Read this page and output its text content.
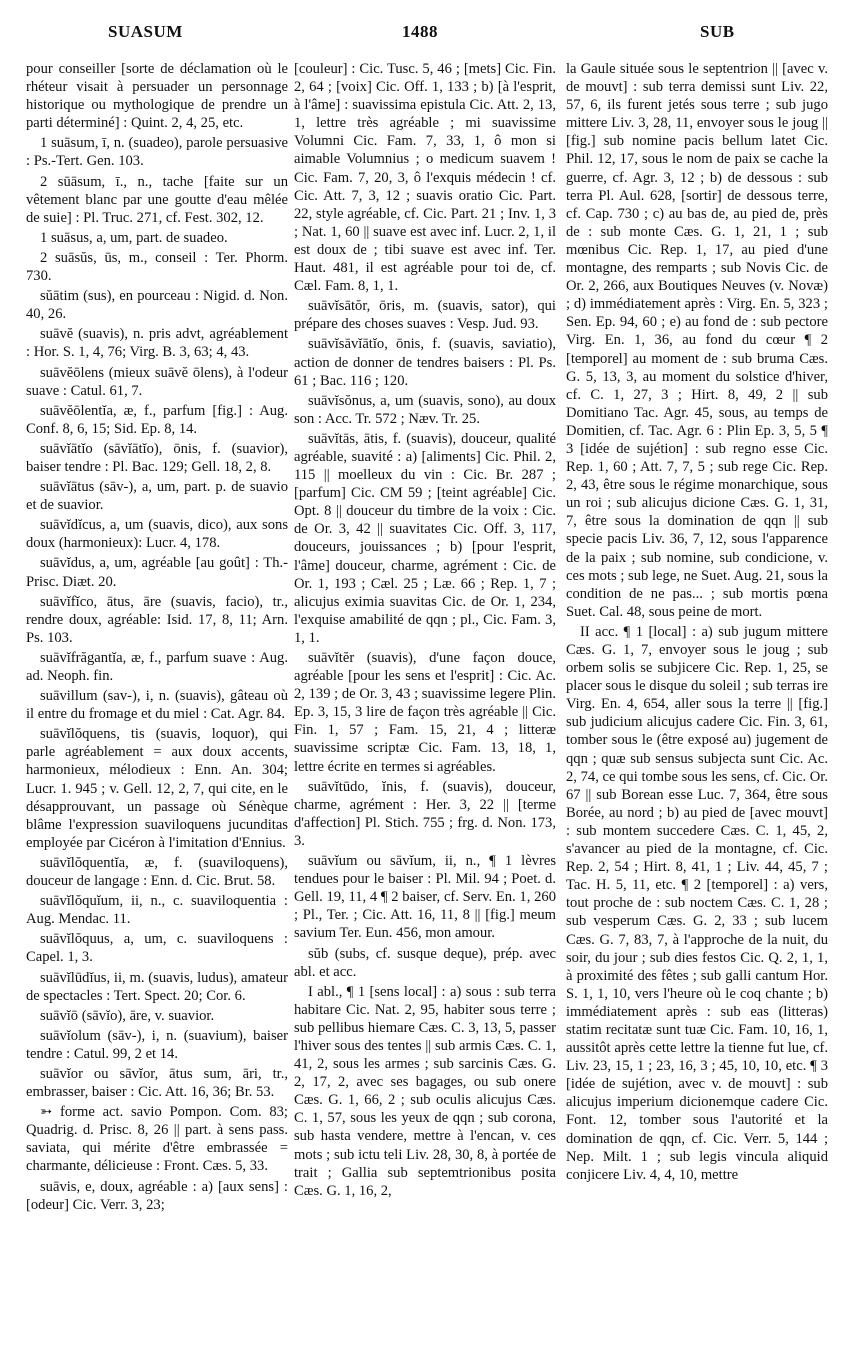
SUASUM	1488	SUB

pour conseiller [sorte de déclamation où le rhéteur visait à persuader un personnage historique ou mythologique de prendre un parti déterminé] : Quint. 2, 4, 25, etc.

1 suāsum, ī, n. (suadeo), parole persuasive : Ps.-Tert. Gen. 103.

2 sūāsum, ī., n., tache [faite sur un vêtement blanc par une goutte d'eau mêlée de suie] : Pl. Truc. 271, cf. Fest. 302, 12.

1 suāsus, a, um, part. de suadeo.

2 suāsŭs, ūs, m., conseil : Ter. Phorm. 730.

sŭātim (sus), en pourceau : Nigid. d. Non. 40, 26.

suāvĕ (suavis), n. pris advt, agréablement : Hor. S. 1, 4, 76; Virg. B. 3, 63; 4, 43.

suāvĕōlens (mieux suāvĕ ōlens), à l'odeur suave : Catul. 61, 7.

suāvĕōlentĭa, æ, f., parfum [fig.] : Aug. Conf. 8, 6, 15; Sid. Ep. 8, 14.

suāvĭātĭo (sāvĭātĭo), ōnis, f. (suavior), baiser tendre : Pl. Bac. 129; Gell. 18, 2, 8.

suāvĭātus (sāv-), a, um, part. p. de suavio et de suavior.

suāvĭdĭcus, a, um (suavis, dico), aux sons doux (harmonieux): Lucr. 4, 178.

suāvĭdus, a, um, agréable [au goût] : Th.-Prisc. Diæt. 20.

suāvĭfĭco, ātus, āre (suavis, facio), tr., rendre doux, agréable: Isid. 17, 8, 11; Arn. Ps. 103.

suāvĭfrăgantĭa, æ, f., parfum suave : Aug. ad. Neoph. fin.

suāvillum (sav-), i, n. (suavis), gâteau où il entre du fromage et du miel : Cat. Agr. 84.

suāvĭlŏquens, tis (suavis, loquor), qui parle agréablement = aux doux accents, harmonieux, mélodieux : Enn. An. 304; Lucr. 1. 945 ; v. Gell. 12, 2, 7, qui cite, en le désapprouvant, un passage où Sénèque blâme l'expression suaviloquens jucunditas employée par Cicéron à l'imitation d'Ennius.

suāvĭlŏquentĭa, æ, f. (suaviloquens), douceur de langage : Enn. d. Cic. Brut. 58.

suāvĭlŏquĭum, ii, n., c. suaviloquentia : Aug. Mendac. 11.

suāvĭlŏquus, a, um, c. suaviloquens : Capel. 1, 3.

suāvĭlūdĭus, ii, m. (suavis, ludus), amateur de spectacles : Tert. Spect. 20; Cor. 6.

suāvĭō (sāvĭo), āre, v. suavior.

suāvĭolum (sāv-), i, n. (suavium), baiser tendre : Catul. 99, 2 et 14.

suāvĭor ou sāvĭor, ātus sum, āri, tr., embrasser, baiser : Cic. Att. 16, 36; Br. 53.

➳ forme act. savio Pompon. Com. 83; Quadrig. d. Prisc. 8, 26 || part. à sens pass. saviata, qui mérite d'être embrassée = charmante, délicieuse : Front. Cæs. 5, 33.

suāvis, e, doux, agréable : a) [aux sens] : [odeur] Cic. Verr. 3, 23;

[couleur] : Cic. Tusc. 5, 46 ; [mets] Cic. Fin. 2, 64 ; [voix] Cic. Off. 1, 133 ; b) [à l'esprit, à l'âme] : suavissima epistula Cic. Att. 2, 13, 1, lettre très agréable ; mi suavissime Volumni Cic. Fam. 7, 33, 1, ô mon si aimable Volumnius ; o medicum suavem ! Cic. Fam. 7, 20, 3, ô l'exquis médecin ! cf. Cic. Att. 7, 3, 12 ; suavis oratio Cic. Part. 22, style agréable, cf. Cic. Part. 21 ; Inv. 1, 3 ; Nat. 1, 60 || suave est avec inf. Lucr. 2, 1, il est doux de ; tibi suave est avec inf. Ter. Haut. 481, il est agréable pour toi de, cf. Cæl. Fam. 8, 1, 1.

suāvĭsātŏr, ōris, m. (suavis, sator), qui prépare des choses suaves : Vesp. Jud. 93.

suāvĭsāvĭātĭo, ōnis, f. (suavis, saviatio), action de donner de tendres baisers : Pl. Ps. 61 ; Bac. 116 ; 120.

suāvĭsŏnus, a, um (suavis, sono), au doux son : Acc. Tr. 572 ; Næv. Tr. 25.

suāvĭtās, ātis, f. (suavis), douceur, qualité agréable, suavité : a) [aliments] Cic. Phil. 2, 115 || moelleux du vin : Cic. Br. 287 ; [parfum] Cic. CM 59 ; [teint agréable] Cic. Opt. 8 || douceur du timbre de la voix : Cic. de Or. 3, 42 || suavitates Cic. Off. 3, 117, douceurs, jouissances ; b) [pour l'esprit, l'âme] douceur, charme, agrément : Cic. de Or. 1, 193 ; Cæl. 25 ; Læ. 66 ; Rep. 1, 7 ; alicujus eximia suavitas Cic. de Or. 1, 234, l'exquise amabilité de qqn ; pl., Cic. Fam. 3, 1, 1.

suāvĭtĕr (suavis), d'une façon douce, agréable [pour les sens et l'esprit] : Cic. Ac. 2, 139 ; de Or. 3, 43 ; suavissime legere Plin. Ep. 3, 15, 3 lire de façon très agréable || Cic. Fin. 1, 57 ; Fam. 15, 21, 4 ; litteræ suavissime scriptæ Cic. Fam. 13, 18, 1, lettre écrite en termes si agréables.

suāvĭtūdo, ĭnis, f. (suavis), douceur, charme, agrément : Her. 3, 22 || [terme d'affection] Pl. Stich. 755 ; frg. d. Non. 173, 3.

suāvĭum ou sāvĭum, ii, n., ¶ 1 lèvres tendues pour le baiser : Pl. Mil. 94 ; Poet. d. Gell. 19, 11, 4 ¶ 2 baiser, cf. Serv. En. 1, 260 ; Pl., Ter. ; Cic. Att. 16, 11, 8 || [fig.] meum savium Ter. Eun. 456, mon amour.

sŭb (subs, cf. susque deque), prép. avec abl. et acc.

I abl., ¶ 1 [sens local] : a) sous : sub terra habitare Cic. Nat. 2, 95, habiter sous terre ; sub pellibus hiemare Cæs. C. 3, 13, 5, passer l'hiver sous des tentes || sub armis Cæs. C. 1, 41, 2, sous les armes ; sub sarcinis Cæs. G. 2, 17, 2, avec ses bagages, ou sub onere Cæs. G. 1, 66, 2 ; sub oculis alicujus Cæs. C. 1, 57, sous les yeux de qqn ; sub corona, sub hasta vendere, mettre à l'encan, v. ces mots ; sub ictu teli Liv. 28, 30, 8, à portée de trait ; Gallia sub septemtrionibus posita Cæs. G. 1, 16, 2,

la Gaule située sous le septentrion || [avec v. de mouvt] : sub terra demissi sunt Liv. 22, 57, 6, ils furent jetés sous terre ; sub jugo mittere Liv. 3, 28, 11, envoyer sous le joug || [fig.] sub nomine pacis bellum latet Cic. Phil. 12, 17, sous le nom de paix se cache la guerre, cf. Agr. 3, 12 ; b) de dessous : sub terra Pl. Aul. 628, [sortir] de dessous terre, cf. Cap. 730 ; c) au bas de, au pied de, près de : sub monte Cæs. G. 1, 21, 1 ; sub mœnibus Cic. Rep. 1, 17, au pied d'une montagne, des remparts ; sub Novis Cic. de Or. 2, 266, aux Boutiques Neuves (v. Novæ) ; d) immédiatement après : Virg. En. 5, 323 ; Sen. Ep. 94, 60 ; e) au fond de : sub pectore Virg. En. 1, 36, au fond du cœur ¶ 2 [temporel] au moment de : sub bruma Cæs. G. 5, 13, 3, au moment du solstice d'hiver, cf. C. 1, 27, 3 ; Hirt. 8, 49, 2 || sub Domitiano Tac. Agr. 45, sous, au temps de Domitien, cf. Tac. Agr. 6 : Plin Ep. 3, 5, 5 ¶ 3 [idée de sujétion] : sub regno esse Cic. Rep. 1, 60 ; Att. 7, 7, 5 ; sub rege Cic. Rep. 2, 43, être sous le régime monarchique, sous un roi ; sub alicujus dicione Cæs. G. 1, 31, 7, être sous la domination de qqn || sub specie pacis Liv. 36, 7, 12, sous l'apparence de la paix ; sub nomine, sub condicione, v. ces mots ; sub lege, ne Suet. Aug. 21, sous la condition de ne pas... ; sub mortis pœna Suet. Cal. 48, sous peine de mort.

II acc. ¶ 1 [local] : a) sub jugum mittere Cæs. G. 1, 7, envoyer sous le joug ; sub orbem solis se subjicere Cic. Rep. 1, 25, se placer sous le disque du soleil ; sub terras ire Virg. En. 4, 654, aller sous la terre || [fig.] sub judicium alicujus cadere Cic. Fin. 3, 61, tomber sous le (être exposé au) jugement de qqn ; quæ sub sensus subjecta sunt Cic. Ac. 2, 74, ce qui tombe sous les sens, cf. Cic. Or. 67 || sub Borean esse Luc. 7, 364, être sous Borée, au nord ; b) au pied de [avec mouvt] : sub montem succedere Cæs. C. 1, 45, 2, s'avancer au pied de la montagne, cf. Cic. Rep. 2, 54 ; Hirt. 8, 41, 1 ; Liv. 44, 45, 7 ; Tac. H. 5, 11, etc. ¶ 2 [temporel] : a) vers, tout proche de : sub noctem Cæs. C. 1, 28 ; sub vesperum Cæs. G. 2, 33 ; sub lucem Cæs. G. 7, 83, 7, à l'approche de la nuit, du soir, du jour ; sub dies festos Cic. Q. 2, 1, 1, à proximité des fêtes ; sub galli cantum Hor. S. 1, 1, 10, vers l'heure où le coq chante ; b) immédiatement après : sub eas (litteras) statim recitatæ sunt tuæ Cic. Fam. 10, 16, 1, aussitôt après cette lettre la tienne fut lue, cf. Liv. 23, 15, 1 ; 23, 16, 3 ; 45, 10, 10, etc. ¶ 3 [idée de sujétion, avec v. de mouvt] : sub alicujus imperium dicionemque cadere Cic. Font. 12, tomber sous l'autorité et la domination de qqn, cf. Cic. Verr. 5, 144 ; Nep. Milt. 1 ; sub legis vincula aliquid conjicere Liv. 4, 4, 10, mettre
